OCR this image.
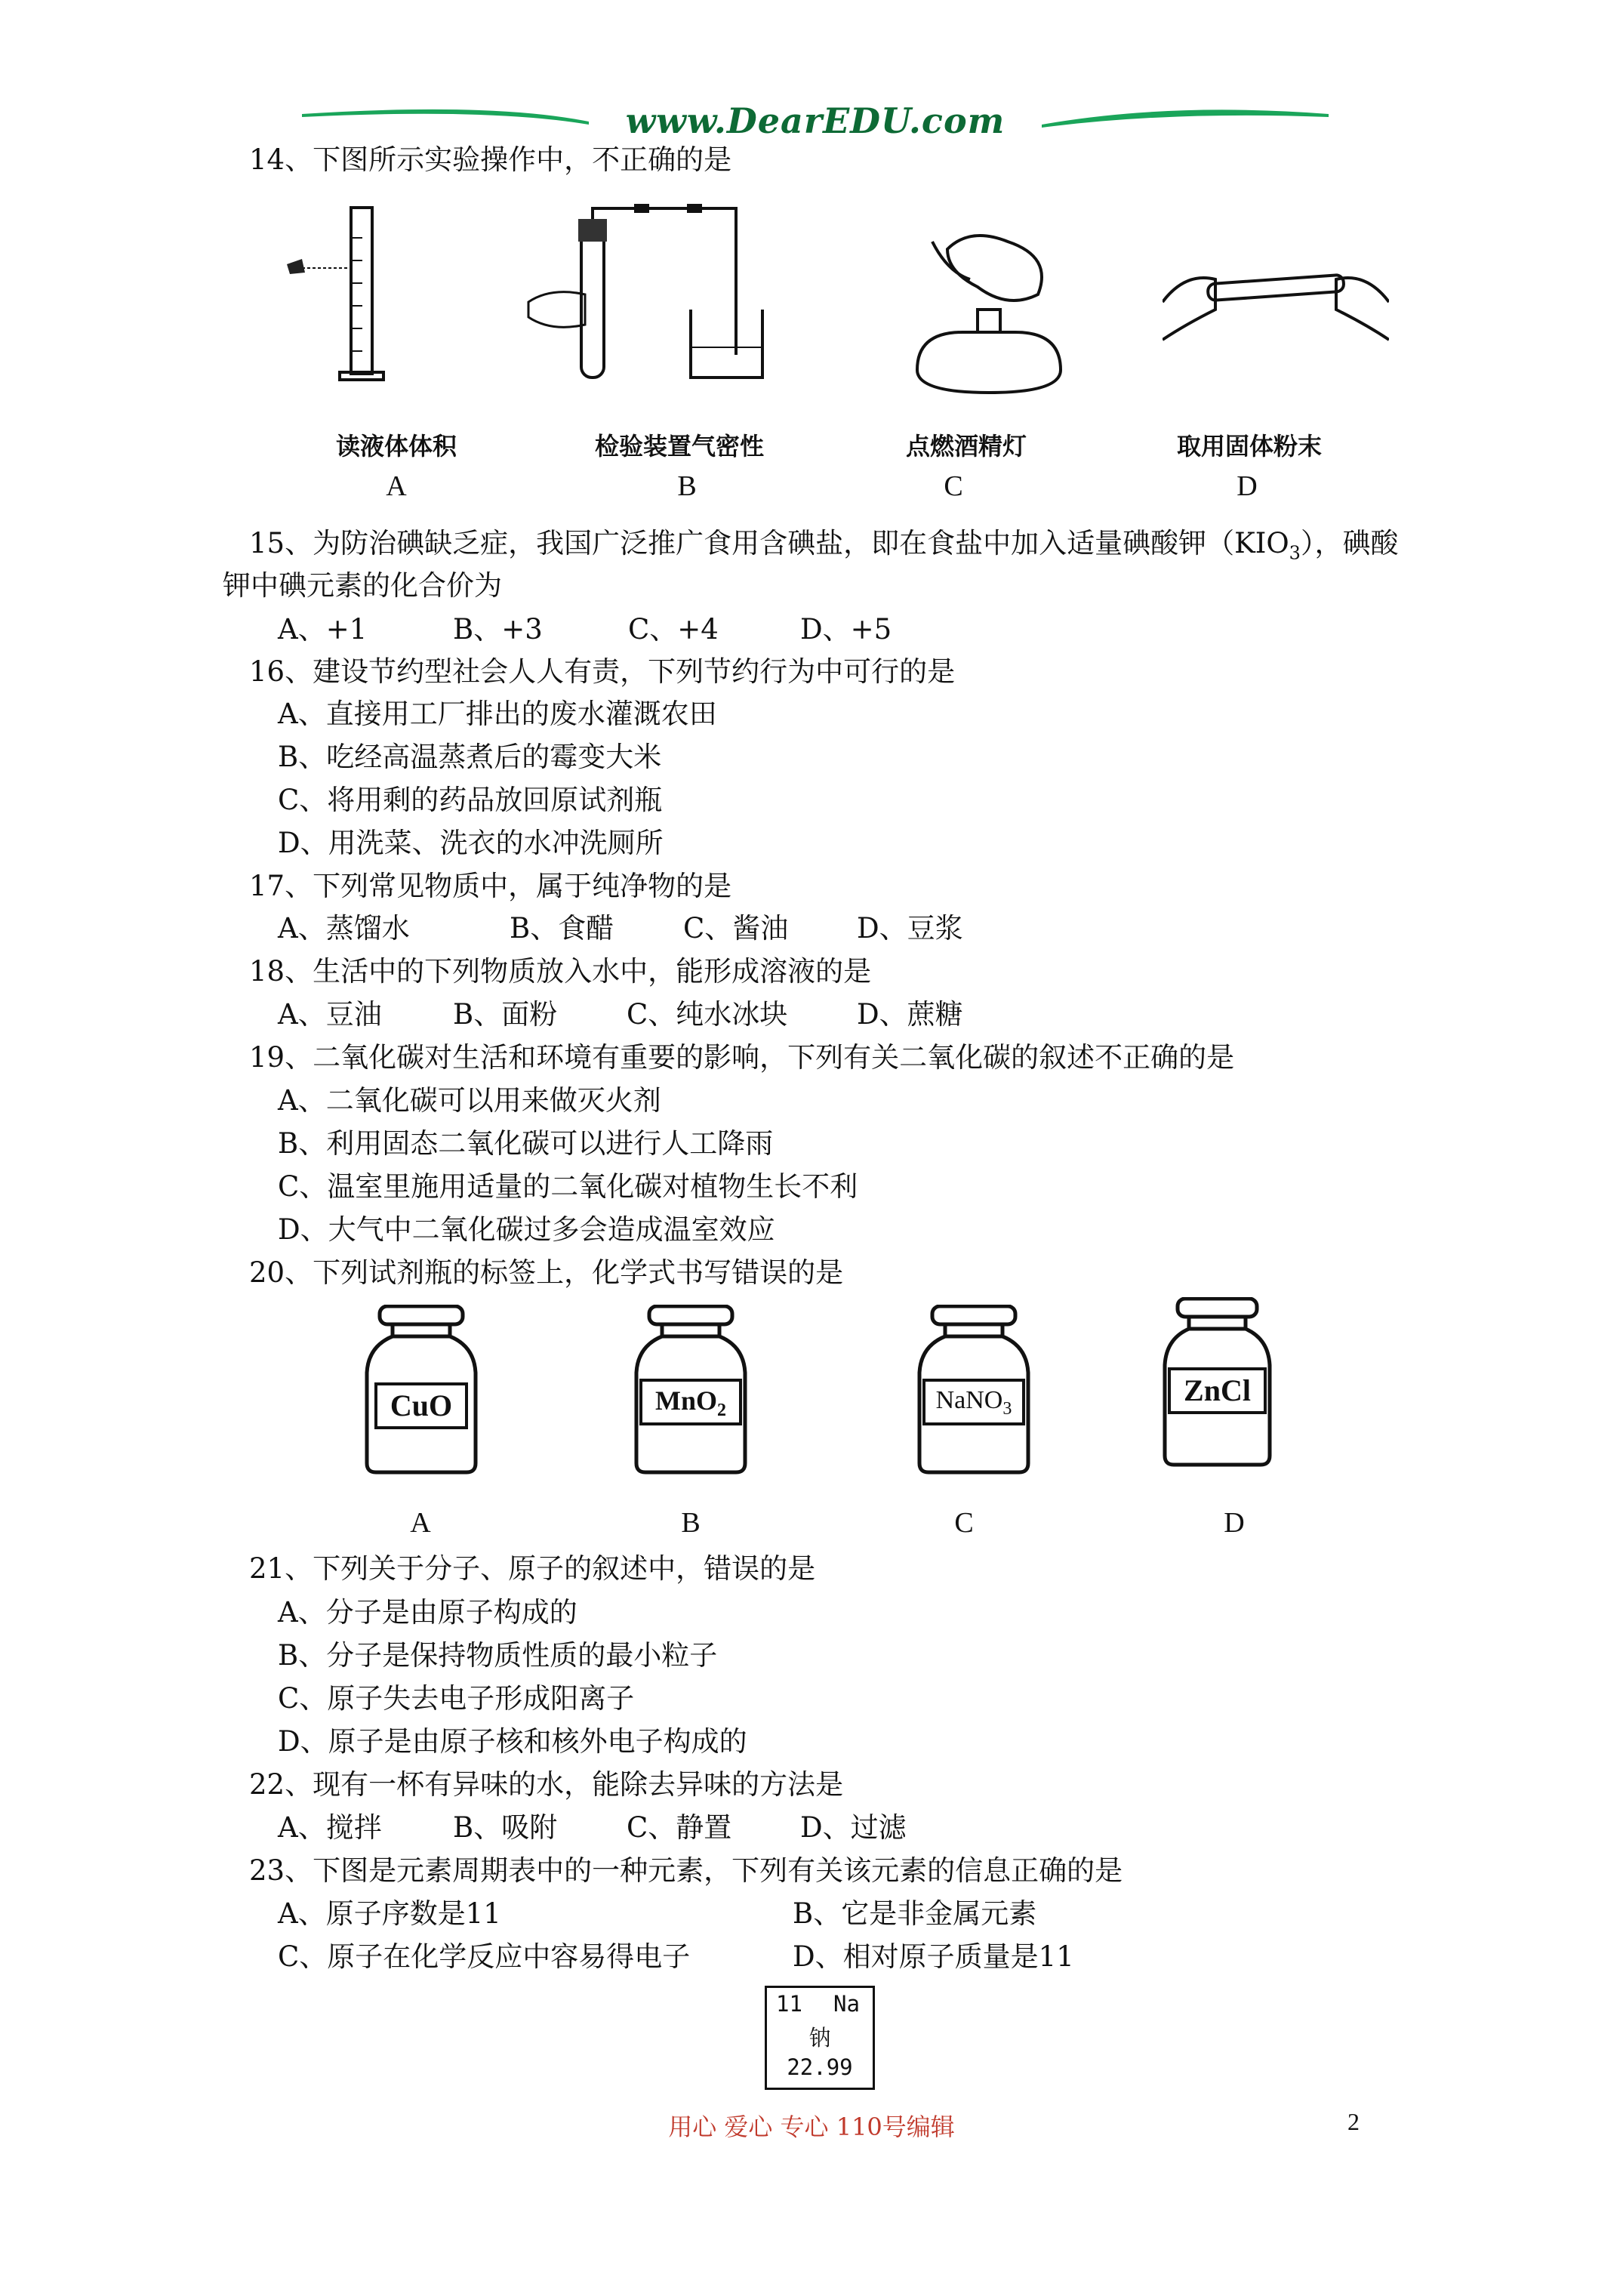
www.DearEDU.com
14、下图所示实验操作中，不正确的是
读液体体积
A
检验装置气密性
B
点燃酒精灯
C
取用固体粉末
D
15、为防治碘缺乏症，我国广泛推广食用含碘盐，即在食盐中加入适量碘酸钾$(KIO_3)$，碘酸
钾中碘元素的化合价为
A、+1	B、+3	C、+4	D、+5
16、建设节约型社会人人有责，下列节约行为中可行的是
A、直接用工厂排出的废水灌溉农田
B、吃经高温蒸煮后的霉变大米
C、将用剩的药品放回原试剂瓶
D、用洗菜、洗衣的水冲洗厕所
17、下列常见物质中，属于纯净物的是
A、蒸馏水	B、食醋 C、酱油 D、豆浆
18、生活中的下列物质放入水中，能形成溶液的是
A、豆油	B、面粉 C、纯水冰块 D、蔗糖
19、二氧化碳对生活和环境有重要的影响，下列有关二氧化碳的叙述不正确的是
A、二氧化碳可以用来做灭火剂
B、利用固态二氧化碳可以进行人工降雨
C、温室里施用适量的二氧化碳对植物生长不利
D、大气中二氧化碳过多会造成温室效应
20、下列试剂瓶的标签上，化学式书写错误的是
CuO
A
MnO$_2$
B
NaNO$_3$
C
ZnCl
D
21、下列关于分子、原子的叙述中，错误的是
A、分子是由原子构成的
B、分子是保持物质性质的最小粒子
C、原子失去电子形成阳离子
D、原子是由原子核和核外电子构成的
22、现有一杯有异味的水，能除去异味的方法是
A、搅拌	B、吸附 C、静置 D、过滤
23、下图是元素周期表中的一种元素，下列有关该元素的信息正确的是
A、原子序数是11	B、它是非金属元素
C、原子在化学反应中容易得电子	D、相对原子质量是11
11 Na
钠
22.99
用心 爱心 专心 110号编辑	2
